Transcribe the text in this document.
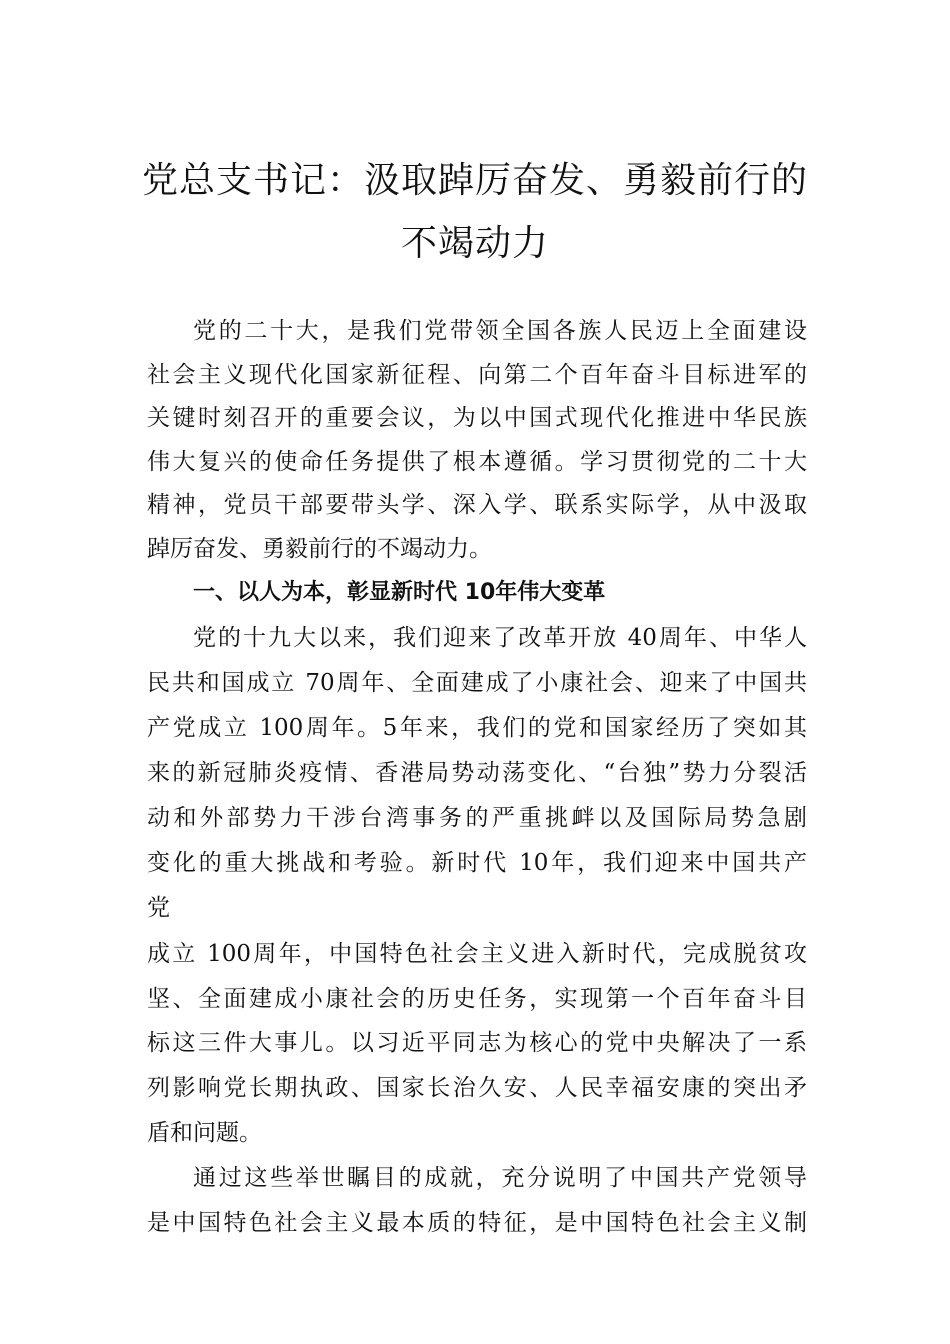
党总支书记：汲取踔厉奋发、勇毅前行的
不竭动力
党的二十大，是我们党带领全国各族人民迈上全面建设
社会主义现代化国家新征程、向第二个百年奋斗目标进军的
关键时刻召开的重要会议，为以中国式现代化推进中华民族
伟大复兴的使命任务提供了根本遵循。学习贯彻党的二十大
精神，党员干部要带头学、深入学、联系实际学，从中汲取
踔厉奋发、勇毅前行的不竭动力。
一、以人为本，彰显新时代 10年伟大变革
党的十九大以来，我们迎来了改革开放 40周年、中华人
民共和国成立 70周年、全面建成了小康社会、迎来了中国共
产党成立 100周年。5年来，我们的党和国家经历了突如其
来的新冠肺炎疫情、香港局势动荡变化、“台独”势力分裂活
动和外部势力干涉台湾事务的严重挑衅以及国际局势急剧
变化的重大挑战和考验。新时代 10年，我们迎来中国共产
党
成立 100周年，中国特色社会主义进入新时代，完成脱贫攻
坚、全面建成小康社会的历史任务，实现第一个百年奋斗目
标这三件大事儿。以习近平同志为核心的党中央解决了一系
列影响党长期执政、国家长治久安、人民幸福安康的突出矛
盾和问题。
通过这些举世瞩目的成就，充分说明了中国共产党领导
是中国特色社会主义最本质的特征，是中国特色社会主义制
